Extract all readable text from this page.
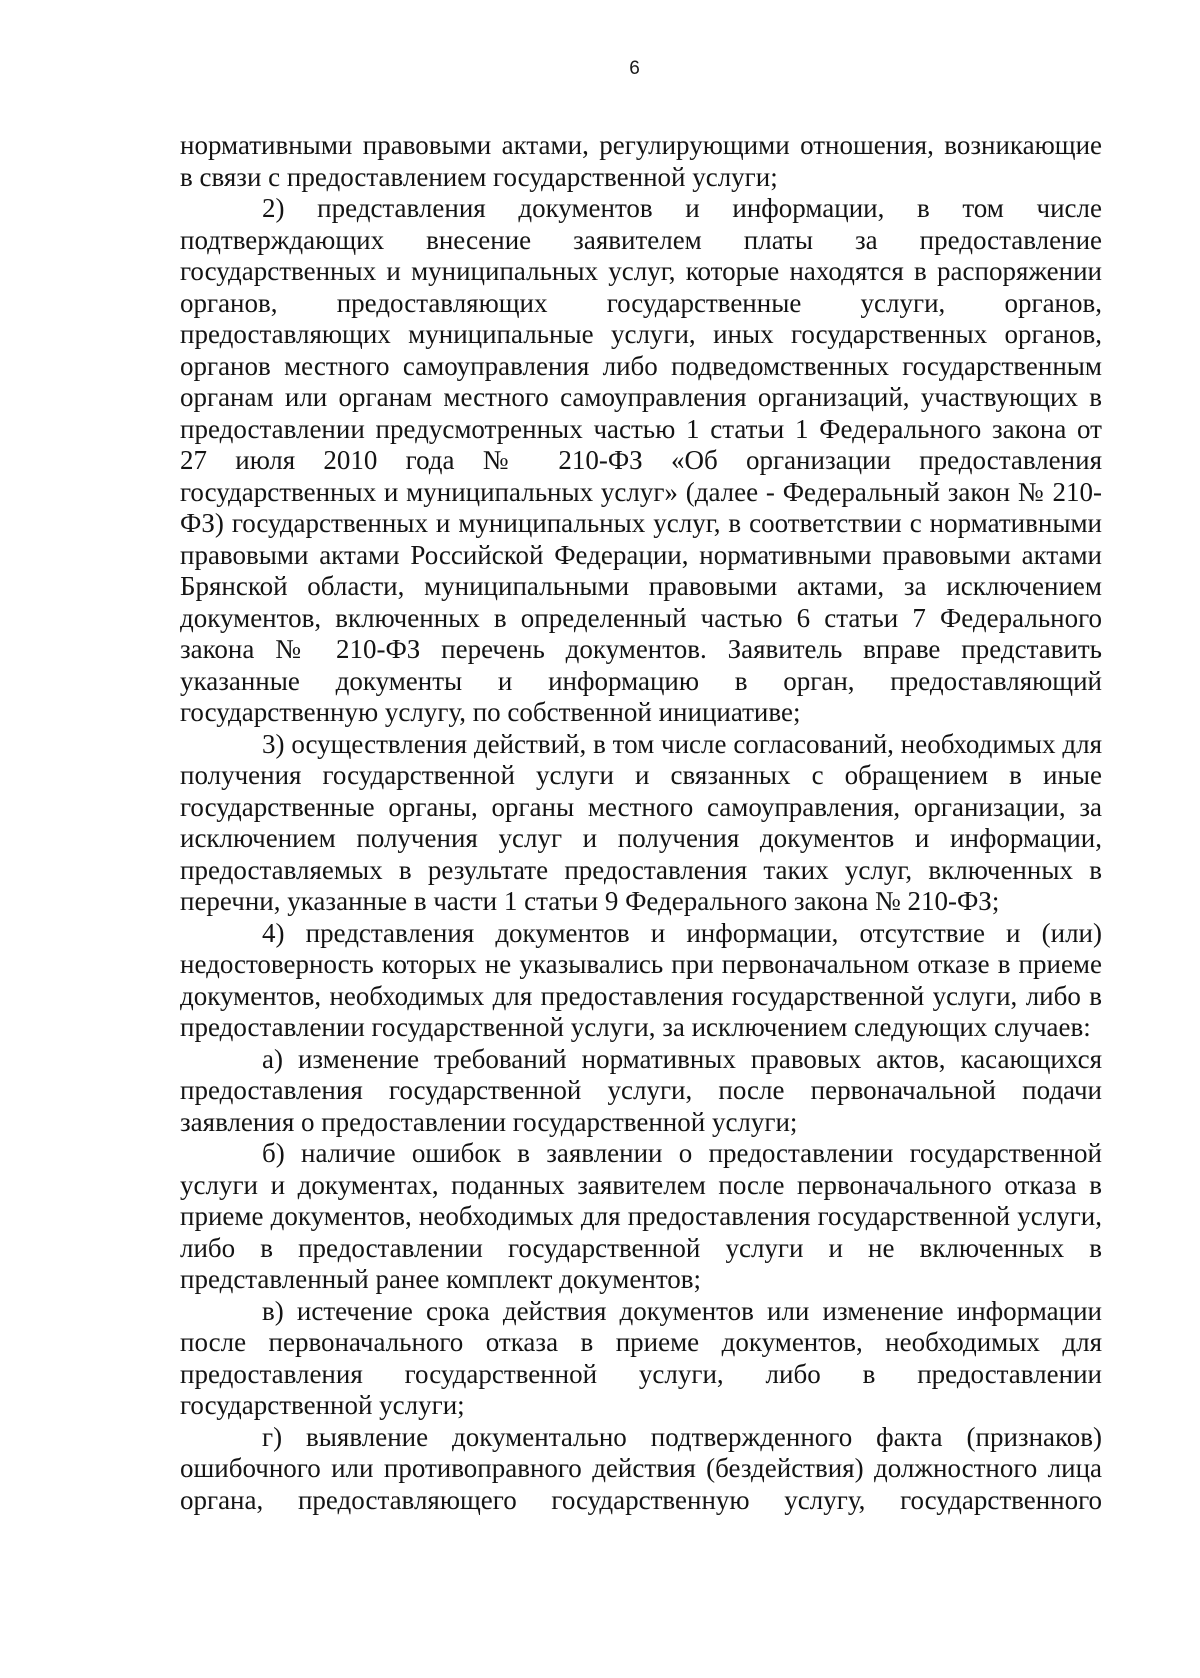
6

нормативными правовыми актами, регулирующими отношения, возникающие в связи с предоставлением государственной услуги;

2) представления документов и информации, в том числе подтверждающих внесение заявителем платы за предоставление государственных и муниципальных услуг, которые находятся в распоряжении органов, предоставляющих государственные услуги, органов, предоставляющих муниципальные услуги, иных государственных органов, органов местного самоуправления либо подведомственных государственным органам или органам местного самоуправления организаций, участвующих в предоставлении предусмотренных частью 1 статьи 1 Федерального закона от 27 июля 2010 года № 210-ФЗ «Об организации предоставления государственных и муниципальных услуг» (далее - Федеральный закон № 210-ФЗ) государственных и муниципальных услуг, в соответствии с нормативными правовыми актами Российской Федерации, нормативными правовыми актами Брянской области, муниципальными правовыми актами, за исключением документов, включенных в определенный частью 6 статьи 7 Федерального закона № 210-ФЗ перечень документов. Заявитель вправе представить указанные документы и информацию в орган, предоставляющий государственную услугу, по собственной инициативе;

3) осуществления действий, в том числе согласований, необходимых для получения государственной услуги и связанных с обращением в иные государственные органы, органы местного самоуправления, организации, за исключением получения услуг и получения документов и информации, предоставляемых в результате предоставления таких услуг, включенных в перечни, указанные в части 1 статьи 9 Федерального закона № 210-ФЗ;

4) представления документов и информации, отсутствие и (или) недостоверность которых не указывались при первоначальном отказе в приеме документов, необходимых для предоставления государственной услуги, либо в предоставлении государственной услуги, за исключением следующих случаев:

а) изменение требований нормативных правовых актов, касающихся предоставления государственной услуги, после первоначальной подачи заявления о предоставлении государственной услуги;

б) наличие ошибок в заявлении о предоставлении государственной услуги и документах, поданных заявителем после первоначального отказа в приеме документов, необходимых для предоставления государственной услуги, либо в предоставлении государственной услуги и не включенных в представленный ранее комплект документов;

в) истечение срока действия документов или изменение информации после первоначального отказа в приеме документов, необходимых для предоставления государственной услуги, либо в предоставлении государственной услуги;

г) выявление документально подтвержденного факта (признаков) ошибочного или противоправного действия (бездействия) должностного лица органа, предоставляющего государственную услугу, государственного
